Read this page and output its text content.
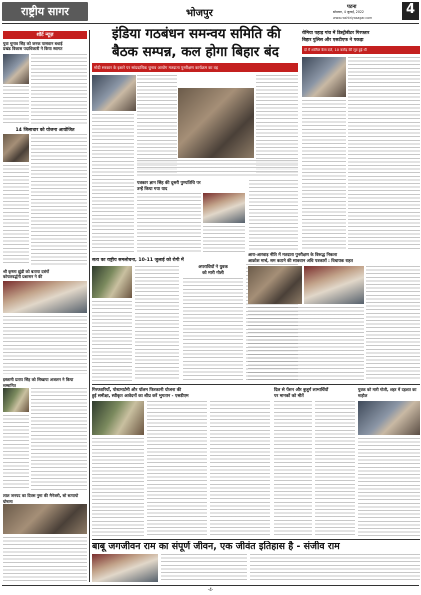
राष्ट्रीय सागर	भोजपुर
पटना
सोमवार, 4 जुलाई, 2022	4
www.rashtriyasagar.com
शॉर्ट न्यूज़
युवा चुनाव सिंह को जनक पासवान बधाई
प्रखंड विकास पदाधिकारी ने किया स्वागत
14 जिलाधार को योजना आयोजित
श्री कृष्णा झुंडी को बताया दबंगों
कोयलवर्द्धनी प्रशासन ने की
इस्लामी प्रताप सिंह को सिखाया अजलन ने किया सम्मानित
लाल जनपद का दिवस नुमा की मैनेजरी, सो सत्यायो घोषणा
इंडिया गठबंधन समन्वय समिति की
बैठक सम्पन्न, कल होगा बिहार बंद
मोदी सरकार के इशारे पर सांप्रदायिक चुनाव आयोग मतदाता पुनरीक्षण कार्यक्रम का वह
पत्रकार ज्ञान सिंह की दूसरी पुण्यतिथि पर
उन्हें किया गया याद
सत्य का राष्ट्रीय समलोचना, 10-11 जुलाई को रोगी में
अपराधियों ने युवक
को मारी गोली
आरा-आरवाड़ नीति में मतदाता पुनरीक्षण के विरूद्ध निकला
आक्रोश मार्च, सम कटाने की सावधान अधि पत्रकारों : विधायक राहत
रोमिया पहाड़ गांव में डिस्ट्रीबीटर गिरफ्तार
बिहार पुलिस और एसटीएफ ने पकड़ा
दो में शामिल केस दर्ज, 10 करोड़ की लूट हुई थी
गिरफ्तारियाँ, पोस्टमार्टमी और पॉलम फिरकानी योजना की
हुई समीक्षा, स्वीकृत आवेदनों का शीघ्र करें भुगतान - एसडीएम
दिल से पेंशन और बुजुर्ग लाभार्थियों
पर मानकों को मौतें
युवक को मारी गोली, शहर में दहशत का माहौल
बाबू जगजीवन राम का संपूर्ण जीवन, एक जीवंत इतिहास है - संजीव राम
-4-
